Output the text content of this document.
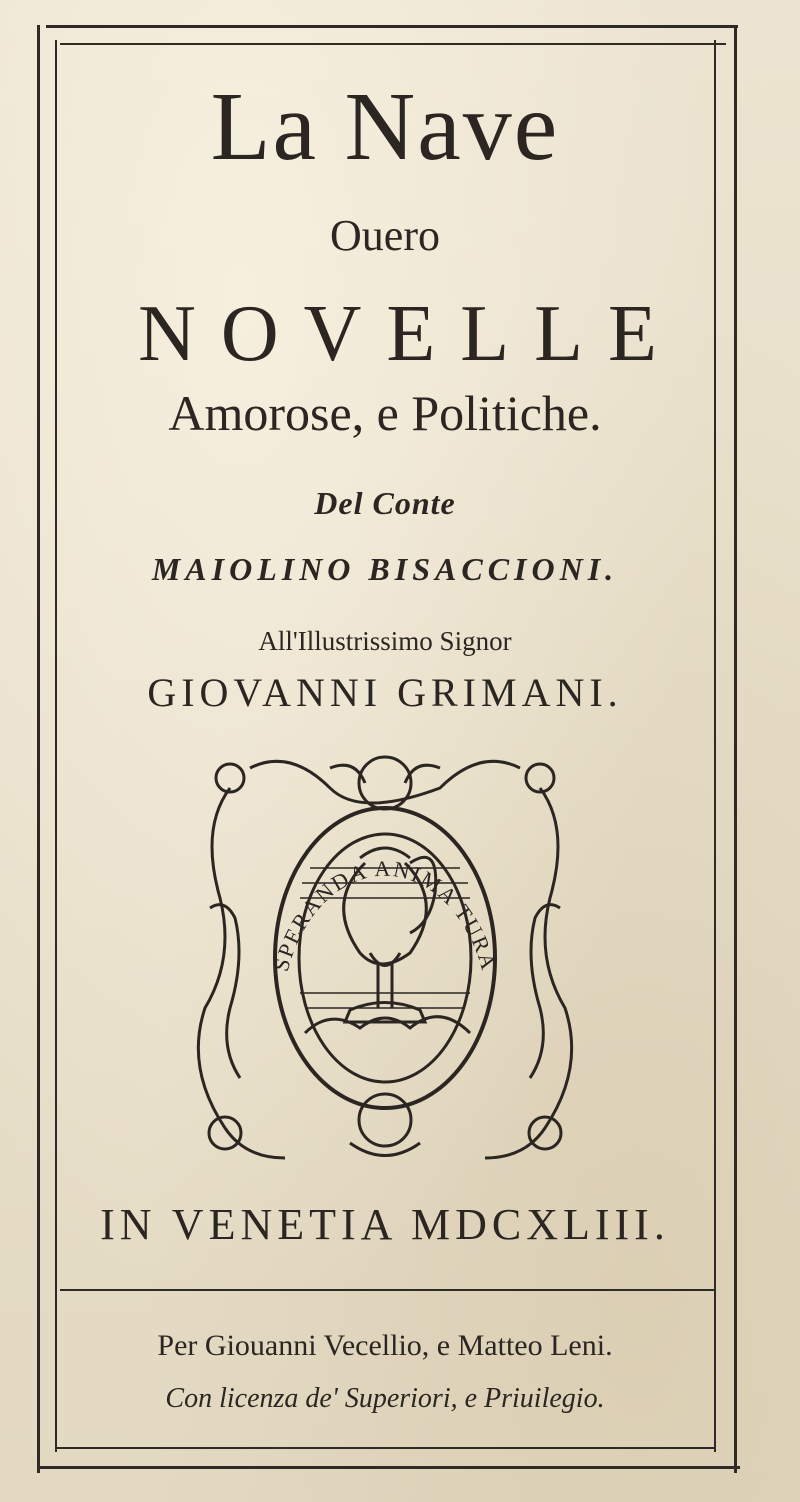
La Nave
Ouero
NOVELLE
Amorose, e Politiche.
Del Conte
MAIOLINO BISACCIONI.
All'Illustrissimo Signor
GIOVANNI GRIMANI.
SPERANDA ANIMA TURA
IN VENETIA MDCXLIII.
Per Giouanni Vecellio, e Matteo Leni.
Con licenza de' Superiori, e Priuilegio.
